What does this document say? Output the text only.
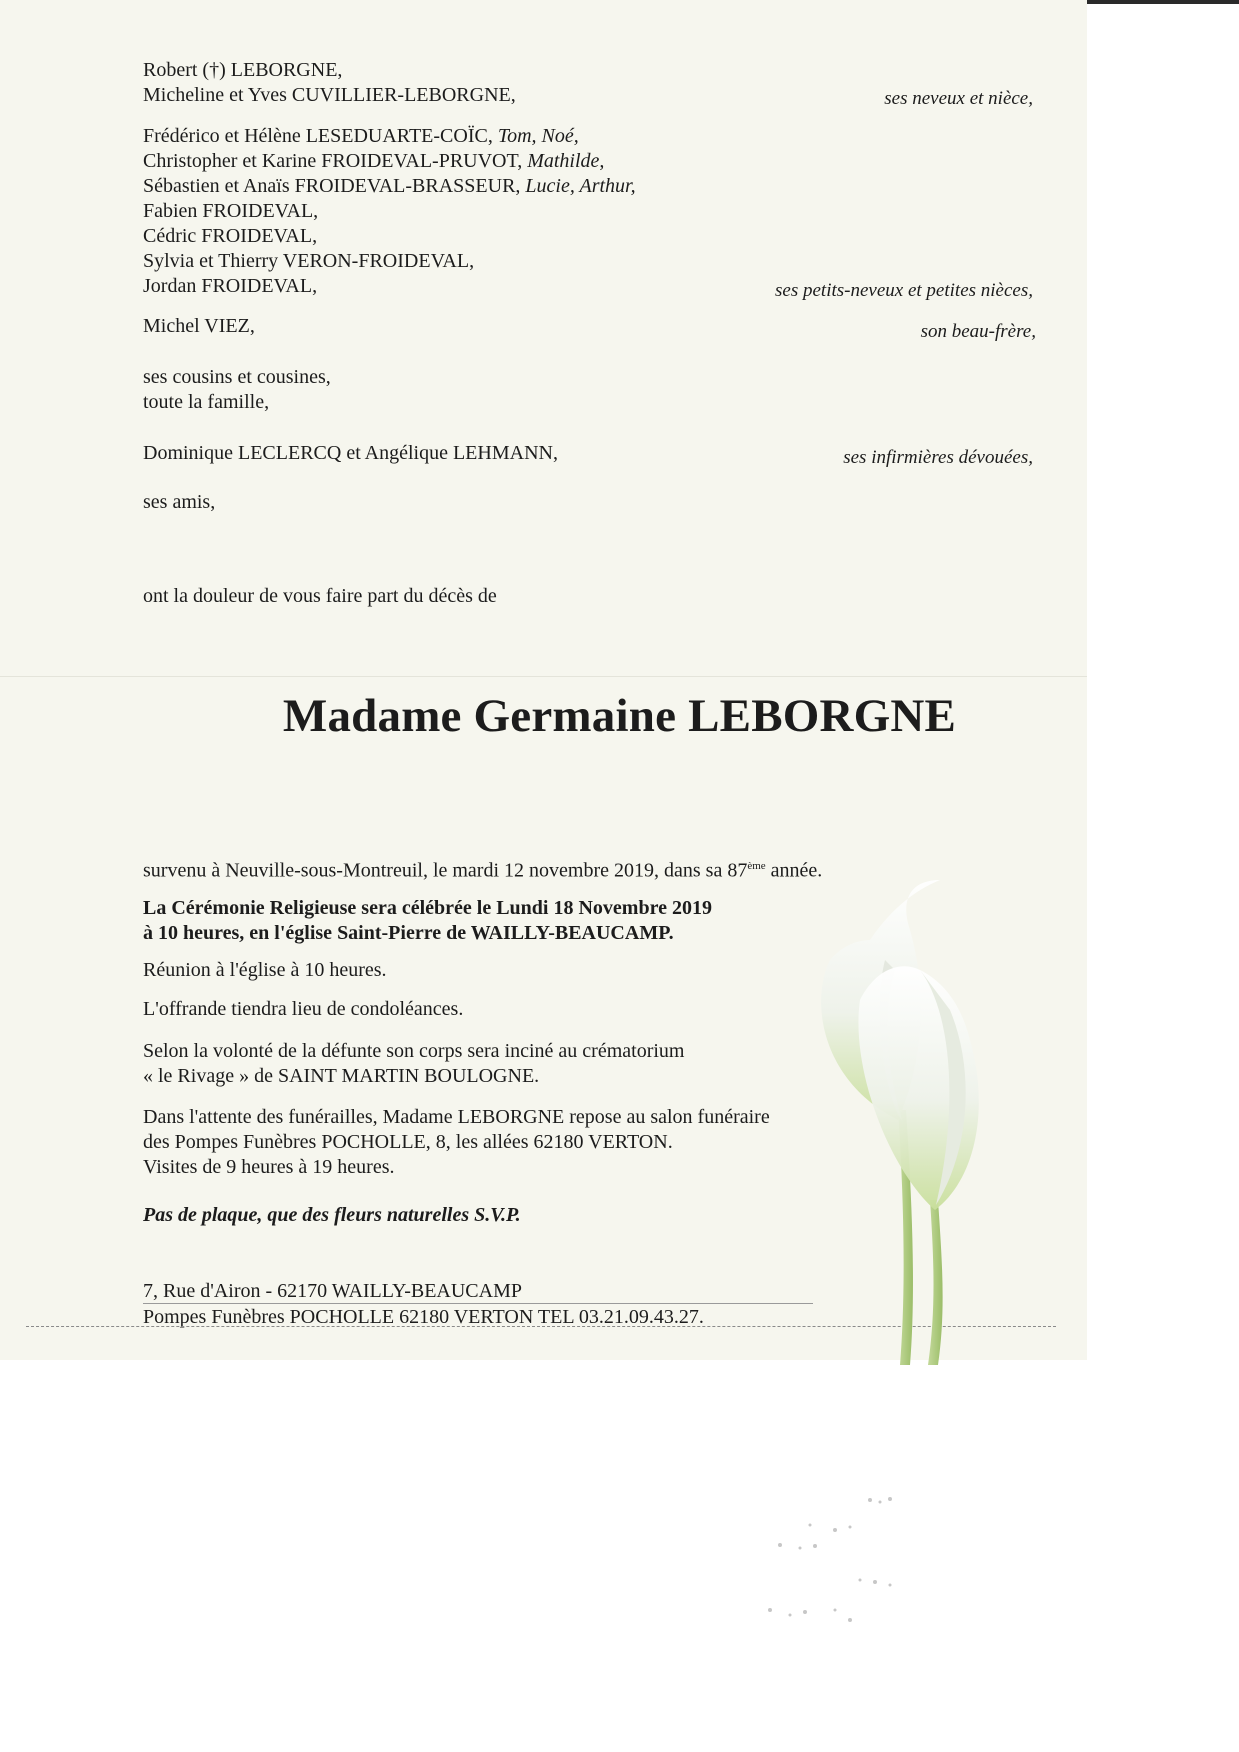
Robert (†) LEBORGNE,
Micheline et Yves CUVILLIER-LEBORGNE,	ses neveux et nièce,
Frédérico et Hélène LESEDUARTE-COÏC, Tom, Noé,
Christopher et Karine FROIDEVAL-PRUVOT, Mathilde,
Sébastien et Anaïs FROIDEVAL-BRASSEUR, Lucie, Arthur,
Fabien FROIDEVAL,
Cédric FROIDEVAL,
Sylvia et Thierry VERON-FROIDEVAL,
Jordan FROIDEVAL,	ses petits-neveux et petites nièces,
Michel VIEZ,	son beau-frère,
ses cousins et cousines,
toute la famille,
Dominique LECLERCQ et Angélique LEHMANN,	ses infirmières dévouées,
ses amis,
ont la douleur de vous faire part du décès de
Madame Germaine LEBORGNE
survenu à Neuville-sous-Montreuil, le mardi 12 novembre 2019, dans sa 87ème année.
La Cérémonie Religieuse sera célébrée le Lundi 18 Novembre 2019
à 10 heures, en l'église Saint-Pierre de WAILLY-BEAUCAMP.
Réunion à l'église à 10 heures.
L'offrande tiendra lieu de condoléances.
Selon la volonté de la défunte son corps sera inciné au crématorium
« le Rivage » de SAINT MARTIN BOULOGNE.
Dans l'attente des funérailles, Madame LEBORGNE repose au salon funéraire
des Pompes Funèbres POCHOLLE, 8, les allées 62180 VERTON.
Visites de 9 heures à 19 heures.
Pas de plaque, que des fleurs naturelles S.V.P.
7, Rue d'Airon - 62170 WAILLY-BEAUCAMP
Pompes Funèbres POCHOLLE 62180 VERTON TEL 03.21.09.43.27.
